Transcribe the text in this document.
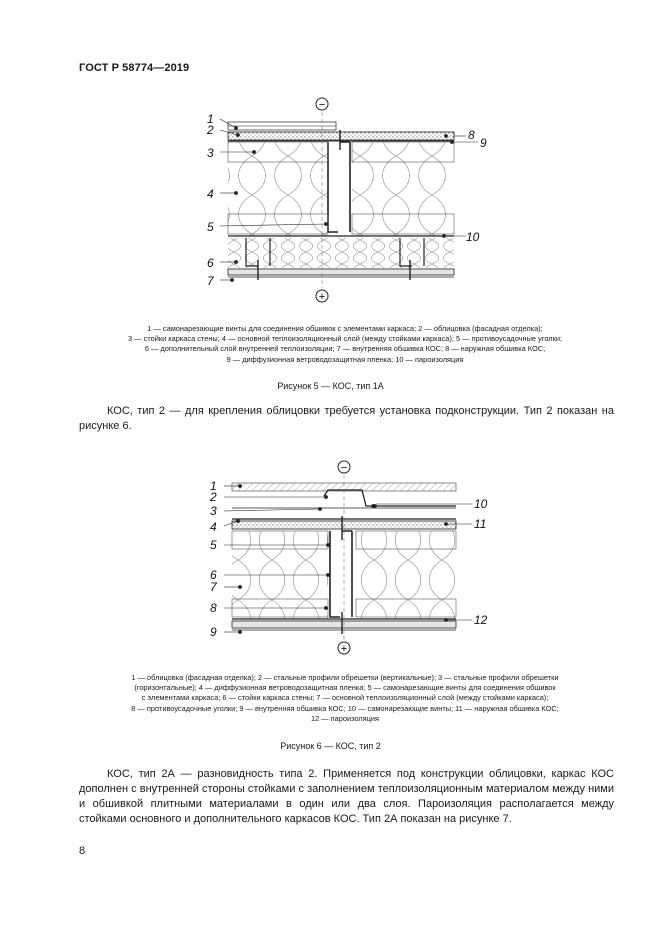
ГОСТ Р 58774—2019
−
+
1
2
3
4
5
6
7
8
9
10
1 — самонарезающие винты для соединения обшивок с элементами каркаса; 2 — облицовка (фасадная отделка);
3 — стойки каркаса стены; 4 — основной теплоизоляционный слой (между стойками каркаса); 5 — противоусадочные уголки;
6 — дополнительный слой внутренней теплоизоляции; 7 — внутренняя обшивка КОС; 8 — наружная обшивка КОС;
9 — диффузионная ветроводозащитная пленка; 10 — пароизоляция
Рисунок 5 — КОС, тип 1А
КОС, тип 2 — для крепления облицовки требуется установка подконструкции. Тип 2 показан на рисунке 6.
−
+
1
2
3
4
5
6
7
8
9
10
11
12
1 — облицовка (фасадная отделка); 2 — стальные профили обрешетки (вертикальные); 3 — стальные профили обрешетки
(горизонтальные); 4 — диффузионная ветроводозащитная пленка; 5 — самонарезающие винты для соединения обшивок
с элементами каркаса; 6 — стойки каркаса стены; 7 — основной теплоизоляционный слой (между стойками каркаса);
8 — противоусадочные уголки; 9 — внутренняя обшивка КОС; 10 — самонарезающие винты; 11 — наружная обшивка КОС;
12 — пароизоляция
Рисунок 6 — КОС, тип 2
КОС, тип 2А — разновидность типа 2. Применяется под конструкции облицовки, каркас КОС дополнен с внутренней стороны стойками с заполнением теплоизоляционным материалом между ними и обшивкой плитными материалами в один или два слоя. Пароизоляция располагается между стойками основного и дополнительного каркасов КОС. Тип 2А показан на рисунке 7.
8
